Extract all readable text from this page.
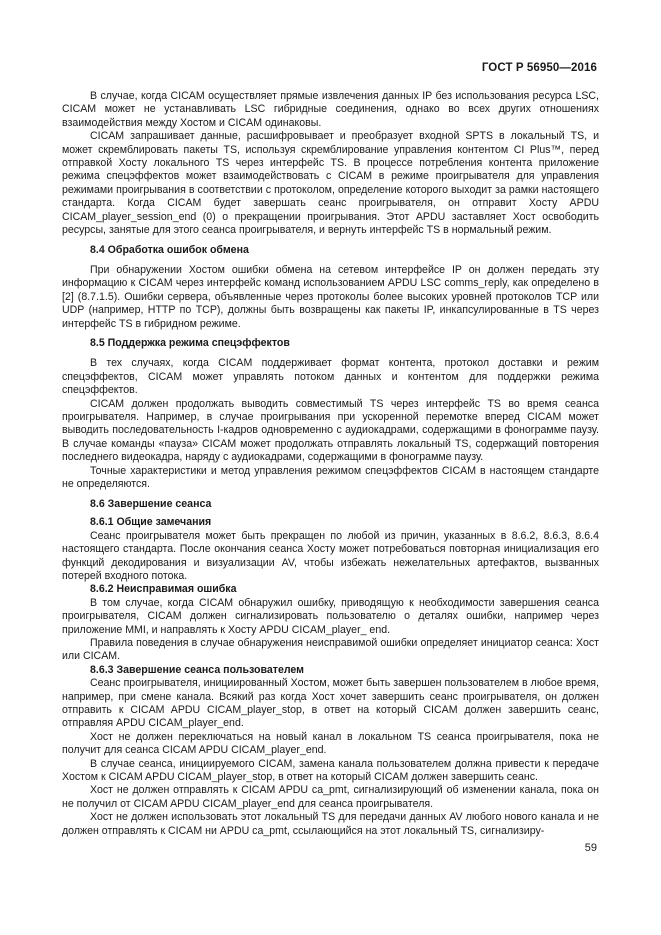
ГОСТ Р 56950—2016
В случае, когда CICAM осуществляет прямые извлечения данных IP без использования ресурса LSC, CICAM может не устанавливать LSC гибридные соединения, однако во всех других отношениях взаимодействия между Хостом и CICAM одинаковы.
CICAM запрашивает данные, расшифровывает и преобразует входной SPTS в локальный TS, и может скремблировать пакеты TS, используя скремблирование управления контентом CI Plus™, перед отправкой Хосту локального TS через интерфейс TS. В процессе потребления контента приложение режима спецэффектов может взаимодействовать с CICAM в режиме проигрывателя для управления режимами проигрывания в соответствии с протоколом, определение которого выходит за рамки настоящего стандарта. Когда CICAM будет завершать сеанс проигрывателя, он отправит Хосту APDU CICAM_player_session_end (0) о прекращении проигрывания. Этот APDU заставляет Хост освободить ресурсы, занятые для этого сеанса проигрывателя, и вернуть интерфейс TS в нормальный режим.
8.4 Обработка ошибок обмена
При обнаружении Хостом ошибки обмена на сетевом интерфейсе IP он должен передать эту информацию к CICAM через интерфейс команд использованием APDU LSC comms_reply, как определено в [2] (8.7.1.5). Ошибки сервера, объявленные через протоколы более высоких уровней протоколов TCP или UDP (например, HTTP по TCP), должны быть возвращены как пакеты IP, инкапсулированные в TS через интерфейс TS в гибридном режиме.
8.5 Поддержка режима спецэффектов
В тех случаях, когда CICAM поддерживает формат контента, протокол доставки и режим спецэффектов, CICAM может управлять потоком данных и контентом для поддержки режима спецэффектов.
CICAM должен продолжать выводить совместимый TS через интерфейс TS во время сеанса проигрывателя. Например, в случае проигрывания при ускоренной перемотке вперед CICAM может выводить последовательность I-кадров одновременно с аудиокадрами, содержащими в фонограмме паузу. В случае команды «пауза» CICAM может продолжать отправлять локальный TS, содержащий повторения последнего видеокадра, наряду с аудиокадрами, содержащими в фонограмме паузу.
Точные характеристики и метод управления режимом спецэффектов CICAM в настоящем стандарте не определяются.
8.6 Завершение сеанса
8.6.1 Общие замечания
Сеанс проигрывателя может быть прекращен по любой из причин, указанных в 8.6.2, 8.6.3, 8.6.4 настоящего стандарта. После окончания сеанса Хосту может потребоваться повторная инициализация его функций декодирования и визуализации AV, чтобы избежать нежелательных артефактов, вызванных потерей входного потока.
8.6.2 Неисправимая ошибка
В том случае, когда CICAM обнаружил ошибку, приводящую к необходимости завершения сеанса проигрывателя, CICAM должен сигнализировать пользователю о деталях ошибки, например через приложение MMI, и направлять к Хосту APDU CICAM_player_ end.
Правила поведения в случае обнаружения неисправимой ошибки определяет инициатор сеанса: Хост или CICAM.
8.6.3 Завершение сеанса пользователем
Сеанс проигрывателя, инициированный Хостом, может быть завершен пользователем в любое время, например, при смене канала. Всякий раз когда Хост хочет завершить сеанс проигрывателя, он должен отправить к CICAM APDU CICAM_player_stop, в ответ на который CICAM должен завершить сеанс, отправляя APDU CICAM_player_end.
Хост не должен переключаться на новый канал в локальном TS сеанса проигрывателя, пока не получит для сеанса CICAM APDU CICAM_player_end.
В случае сеанса, инициируемого CICAM, замена канала пользователем должна привести к передаче Хостом к CICAM APDU CICAM_player_stop, в ответ на который CICAM должен завершить сеанс.
Хост не должен отправлять к CICAM APDU ca_pmt, сигнализирующий об изменении канала, пока он не получил от CICAM APDU CICAM_player_end для сеанса проигрывателя.
Хост не должен использовать этот локальный TS для передачи данных AV любого нового канала и не должен отправлять к CICAM ни APDU ca_pmt, ссылающийся на этот локальный TS, сигнализиру-
59
